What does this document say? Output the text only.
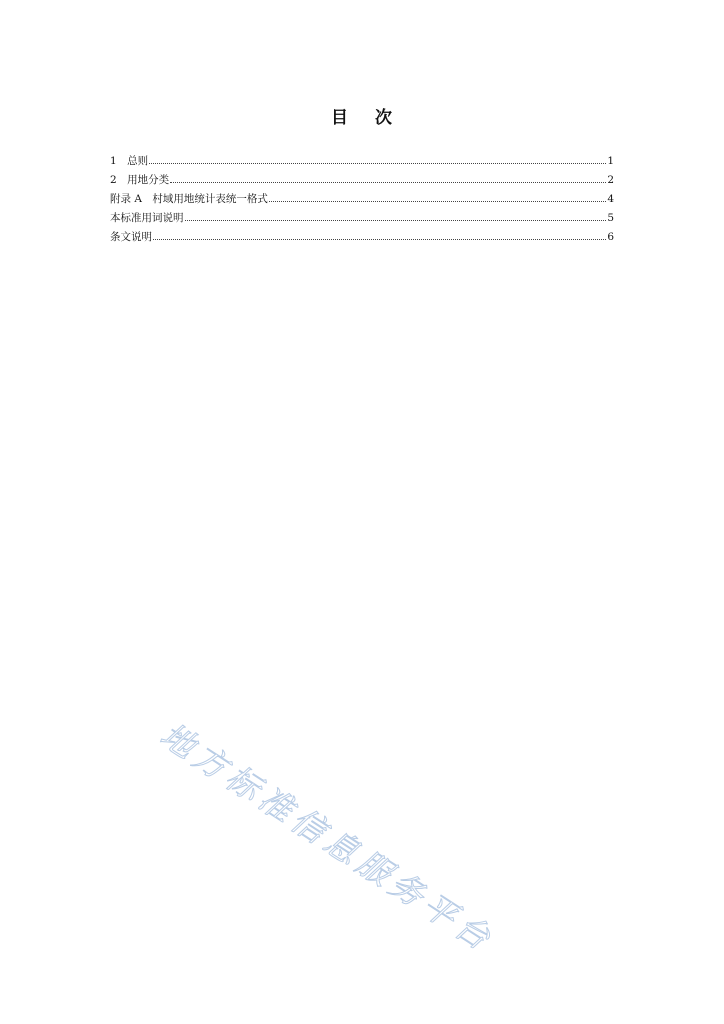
目 次
1　总则	1
2　用地分类	2
附录 A　村域用地统计表统一格式	4
本标准用词说明	5
条文说明	6
地方标准信息服务平台
